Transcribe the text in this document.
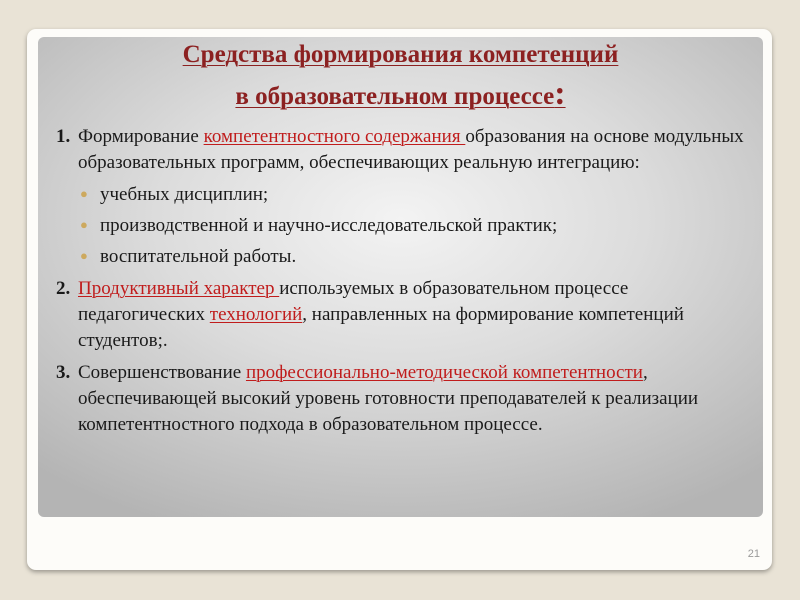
Средства формирования компетенций
в образовательном процессе:
1. Формирование компетентностного содержания образования на основе модульных образовательных программ, обеспечивающих реальную интеграцию:
● учебных дисциплин;
● производственной и научно-исследовательской практик;
● воспитательной работы.
2. Продуктивный характер используемых в образовательном процессе педагогических технологий, направленных на формирование компетенций студентов;.
3. Совершенствование профессионально-методической компетентности, обеспечивающей высокий уровень готовности преподавателей к реализации компетентностного подхода в образовательном процессе.
21
